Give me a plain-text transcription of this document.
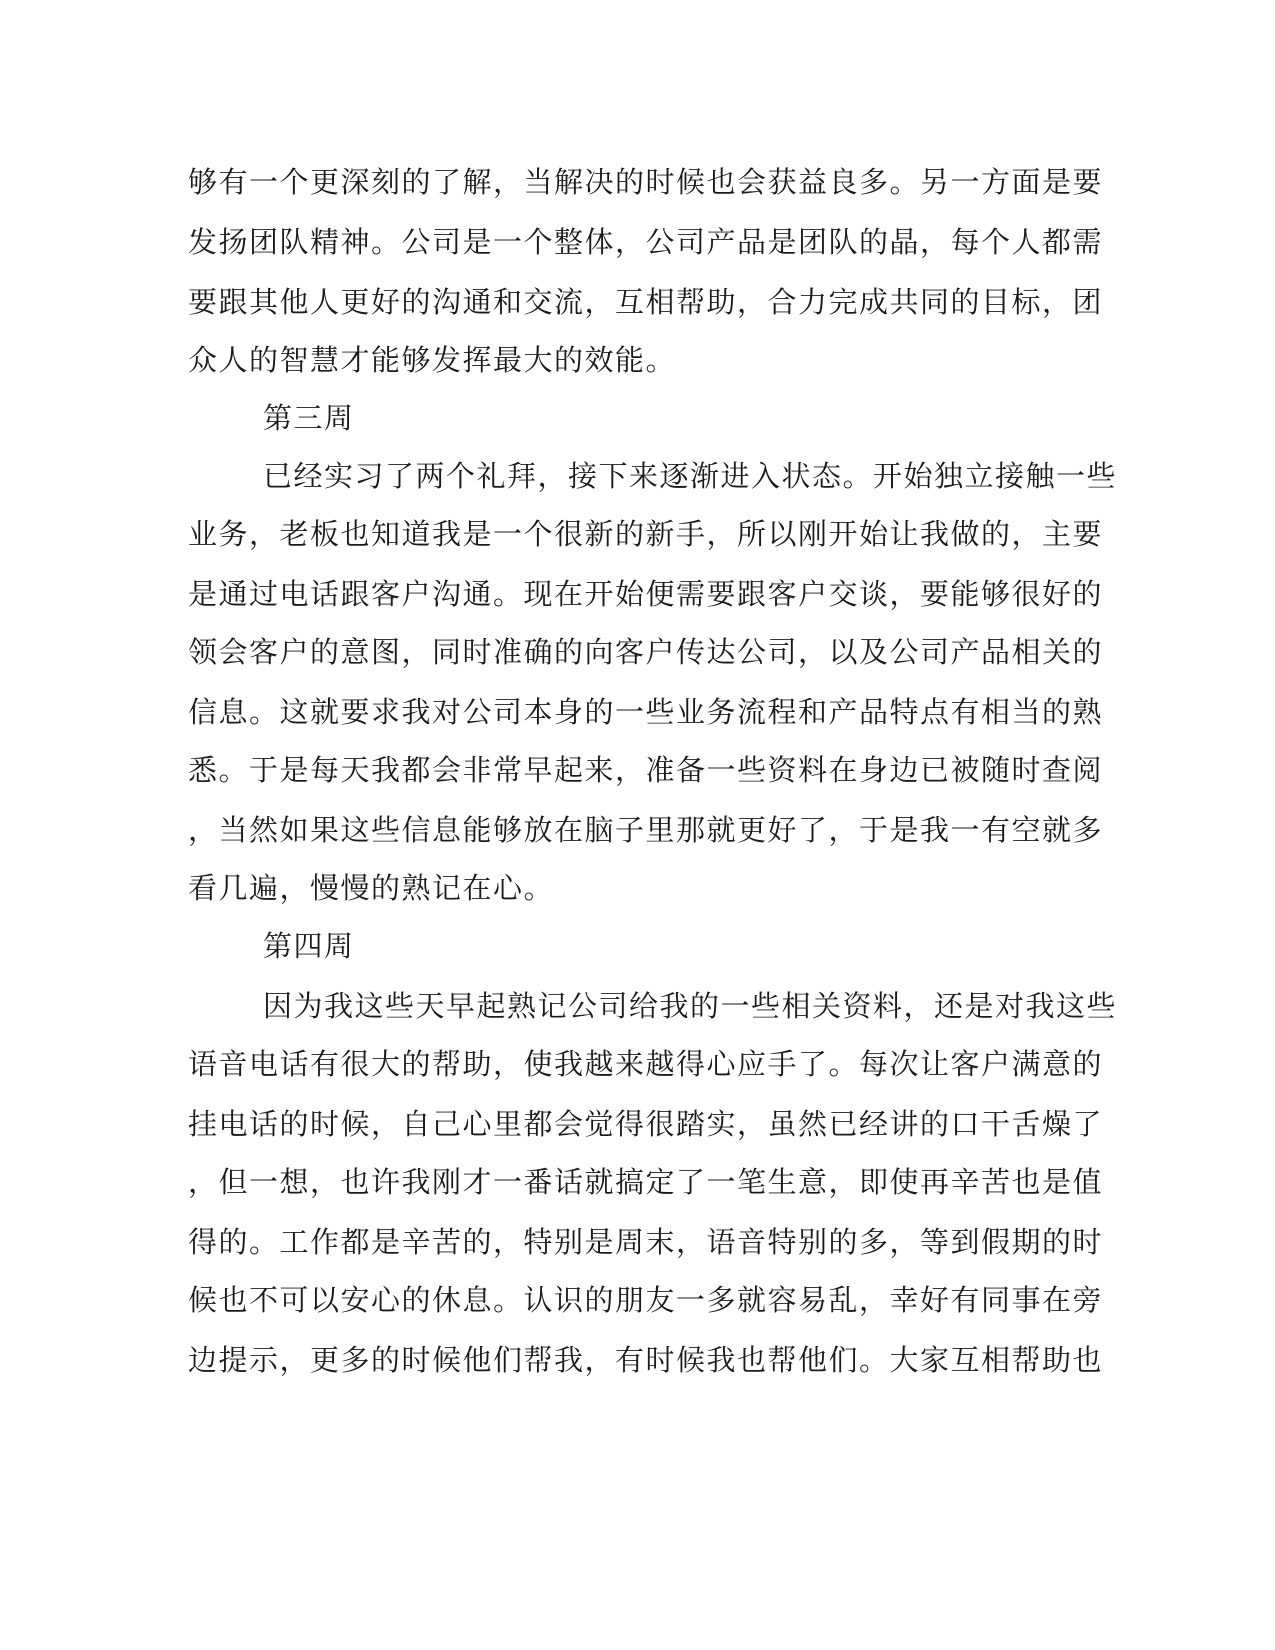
够有一个更深刻的了解，当解决的时候也会获益良多。另一方面是要
发扬团队精神。公司是一个整体，公司产品是团队的晶，每个人都需
要跟其他人更好的沟通和交流，互相帮助，合力完成共同的目标，团
众人的智慧才能够发挥最大的效能。
第三周
已经实习了两个礼拜，接下来逐渐进入状态。开始独立接触一些
业务，老板也知道我是一个很新的新手，所以刚开始让我做的，主要
是通过电话跟客户沟通。现在开始便需要跟客户交谈，要能够很好的
领会客户的意图，同时准确的向客户传达公司，以及公司产品相关的
信息。这就要求我对公司本身的一些业务流程和产品特点有相当的熟
悉。于是每天我都会非常早起来，准备一些资料在身边已被随时查阅
，当然如果这些信息能够放在脑子里那就更好了，于是我一有空就多
看几遍，慢慢的熟记在心。
第四周
因为我这些天早起熟记公司给我的一些相关资料，还是对我这些
语音电话有很大的帮助，使我越来越得心应手了。每次让客户满意的
挂电话的时候，自己心里都会觉得很踏实，虽然已经讲的口干舌燥了
，但一想，也许我刚才一番话就搞定了一笔生意，即使再辛苦也是值
得的。工作都是辛苦的，特别是周末，语音特别的多，等到假期的时
候也不可以安心的休息。认识的朋友一多就容易乱，幸好有同事在旁
边提示，更多的时候他们帮我，有时候我也帮他们。大家互相帮助也
